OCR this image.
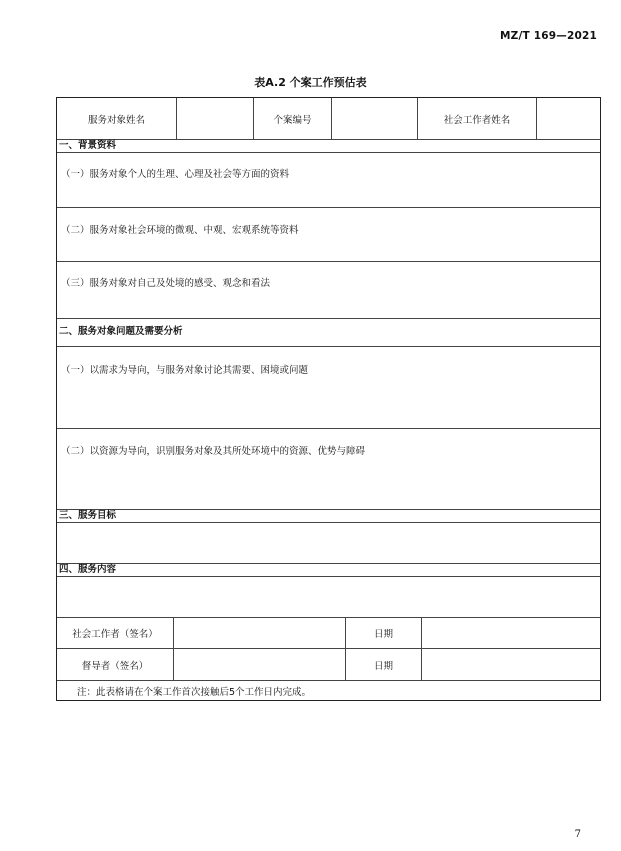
MZ/T 169—2021
表A.2 个案工作预估表
服务对象姓名	个案编号	社会工作者姓名
一、背景资料
（一）服务对象个人的生理、心理及社会等方面的资料
（二）服务对象社会环境的微观、中观、宏观系统等资料
（三）服务对象对自己及处境的感受、观念和看法
二、服务对象问题及需要分析
（一）以需求为导向，与服务对象讨论其需要、困境或问题
（二）以资源为导向，识别服务对象及其所处环境中的资源、优势与障碍
三、服务目标
四、服务内容
社会工作者（签名）	日期
督导者（签名）	日期
注：此表格请在个案工作首次接触后5个工作日内完成。
7
